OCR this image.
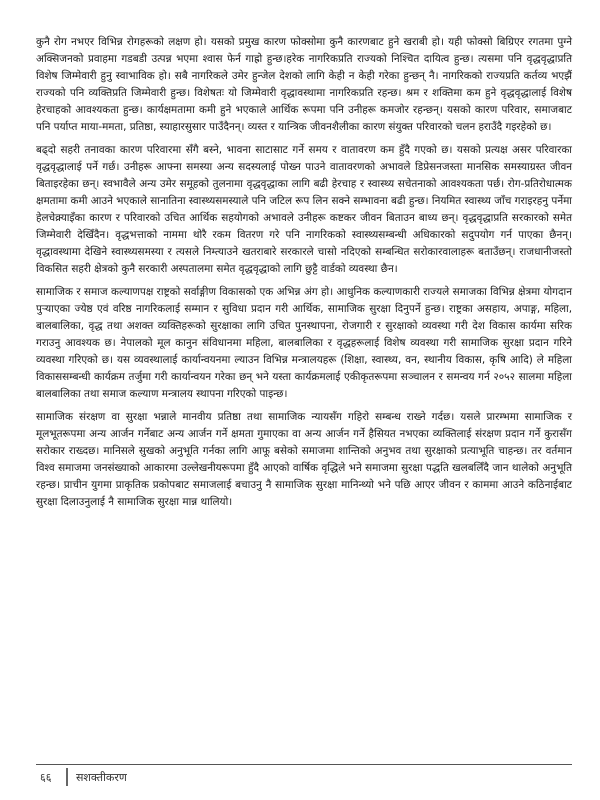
कुनै रोग नभएर विभिन्न रोगहरूको लक्षण हो। यसको प्रमुख कारण फोक्सोमा कुनै कारणबाट हुने खराबी हो। यही फोक्सो बिग्रिएर रगतमा पुग्ने अक्सिजनको प्रवाहमा गडबडी उत्पन्न भएमा श्वास फेर्न गाह्रो हुन्छ।हरेक नागरिकप्रति राज्यको निश्चित दायित्व हुन्छ। त्यसमा पनि वृद्धवृद्धाप्रति विशेष जिम्मेवारी हुनु स्वाभाविक हो। सबै नागरिकले उमेर हुन्जेल देशको लागि केही न केही गरेका हुन्छन् नै। नागरिकको राज्यप्रति कर्तव्य भएझैं राज्यको पनि व्यक्तिप्रति जिम्मेवारी हुन्छ। विशेषतः यो जिम्मेवारी वृद्धावस्थामा नागरिकप्रति रहन्छ। श्रम र शक्तिमा कम हुने वृद्धवृद्धालाई विशेष हेरचाहको आवश्यकता हुन्छ। कार्यक्षमतामा कमी हुने भएकाले आर्थिक रूपमा पनि उनीहरू कमजोर रहन्छन्। यसको कारण परिवार, समाजबाट पनि पर्याप्त माया-ममता, प्रतिष्ठा, स्याहारसुसार पाउँदैनन्। व्यस्त र यान्त्रिक जीवनशैलीका कारण संयुक्त परिवारको चलन हराउँदै गइरहेको छ।

बढ्दो सहरी तनावका कारण परिवारमा सँगै बस्ने, भावना साटासाट गर्ने समय र वातावरण कम हुँदै गएको छ। यसको प्रत्यक्ष असर परिवारका वृद्धवृद्धालाई पर्ने गर्छ। उनीहरू आफ्ना समस्या अन्य सदस्यलाई पोख्न पाउने वातावरणको अभावले डिप्रेसनजस्ता मानसिक समस्याग्रस्त जीवन बिताइरहेका छन्। स्वभावैले अन्य उमेर समूहको तुलनामा वृद्धवृद्धाका लागि बढी हेरचाह र स्वास्थ्य सचेतनाको आवश्यकता पर्छ। रोग-प्रतिरोधात्मक क्षमतामा कमी आउने भएकाले सानातिना स्वास्थ्यसमस्याले पनि जटिल रूप लिन सक्ने सम्भावना बढी हुन्छ। नियमित स्वास्थ्य जाँच गराइरहनु पर्नेमा हेलचेक्र्याइँका कारण र परिवारको उचित आर्थिक सहयोगको अभावले उनीहरू कष्टकर जीवन बिताउन बाध्य छन्। वृद्धवृद्धाप्रति सरकारको समेत जिम्मेवारी देखिँदैन। वृद्धभत्ताको नाममा थोरै रकम वितरण गरे पनि नागरिकको स्वास्थ्यसम्बन्धी अधिकारको सदुपयोग गर्न पाएका छैनन्। वृद्धावस्थामा देखिने स्वास्थ्यसमस्या र त्यसले निम्त्याउने खतराबारे सरकारले चासो नदिएको सम्बन्धित सरोकारवालाहरू बताउँछन्। राजधानीजस्तो विकसित सहरी क्षेत्रको कुनै सरकारी अस्पतालमा समेत वृद्धवृद्धाको लागि छुट्टै वार्डको व्यवस्था छैन।

सामाजिक र समाज कल्याणपक्ष राष्ट्रको सर्वाङ्गीण विकासको एक अभिन्न अंग हो। आधुनिक कल्याणकारी राज्यले समाजका विभिन्न क्षेत्रमा योगदान पुऱ्याएका ज्येष्ठ एवं वरिष्ठ नागरिकलाई सम्मान र सुविधा प्रदान गरी आर्थिक, सामाजिक सुरक्षा दिनुपर्ने हुन्छ। राष्ट्रका असहाय, अपाङ्ग, महिला, बालबालिका, वृद्ध तथा अशक्त व्यक्तिहरूको सुरक्षाका लागि उचित पुनस्थापना, रोजगारी र सुरक्षाको व्यवस्था गरी देश विकास कार्यमा सरिक गराउनु आवश्यक छ। नेपालको मूल कानुन संविधानमा महिला, बालबालिका र वृद्धहरूलाई विशेष व्यवस्था गरी सामाजिक सुरक्षा प्रदान गरिने व्यवस्था गरिएको छ। यस व्यवस्थालाई कार्यान्वयनमा ल्याउन विभिन्न मन्त्रालयहरू (शिक्षा, स्वास्थ्य, वन, स्थानीय विकास, कृषि आदि) ले महिला विकाससम्बन्धी कार्यक्रम तर्जुमा गरी कार्यान्वयन गरेका छन् भने यस्ता कार्यक्रमलाई एकीकृतरूपमा सञ्चालन र समन्वय गर्न २०५२ सालमा महिला बालबालिका तथा समाज कल्याण मन्त्रालय स्थापना गरिएको पाइन्छ।

सामाजिक संरक्षण वा सुरक्षा भन्नाले मानवीय प्रतिष्ठा तथा सामाजिक न्यायसँग गहिरो सम्बन्ध राख्ने गर्दछ। यसले प्रारम्भमा सामाजिक र मूलभूतरूपमा अन्य आर्जन गर्नेबाट अन्य आर्जन गर्ने क्षमता गुमाएका वा अन्य आर्जन गर्ने हैसियत नभएका व्यक्तिलाई संरक्षण प्रदान गर्ने कुरासँग सरोकार राख्दछ। मानिसले सुखको अनुभूति गर्नका लागि आफू बसेको समाजमा शान्तिको अनुभव तथा सुरक्षाको प्रत्याभूति चाहन्छ। तर वर्तमान विश्व समाजमा जनसंख्याको आकारमा उल्लेखनीयरूपमा हुँदै आएको वार्षिक वृद्धिले भने समाजमा सुरक्षा पद्धति खलबलिँदै जान थालेको अनुभूति रहन्छ। प्राचीन युगमा प्राकृतिक प्रकोपबाट समाजलाई बचाउनु नै सामाजिक सुरक्षा मानिन्थ्यो भने पछि आएर जीवन र काममा आउने कठिनाईबाट सुरक्षा दिलाउनुलाई नै सामाजिक सुरक्षा मान्न थालियो।

६६ सशक्तीकरण
